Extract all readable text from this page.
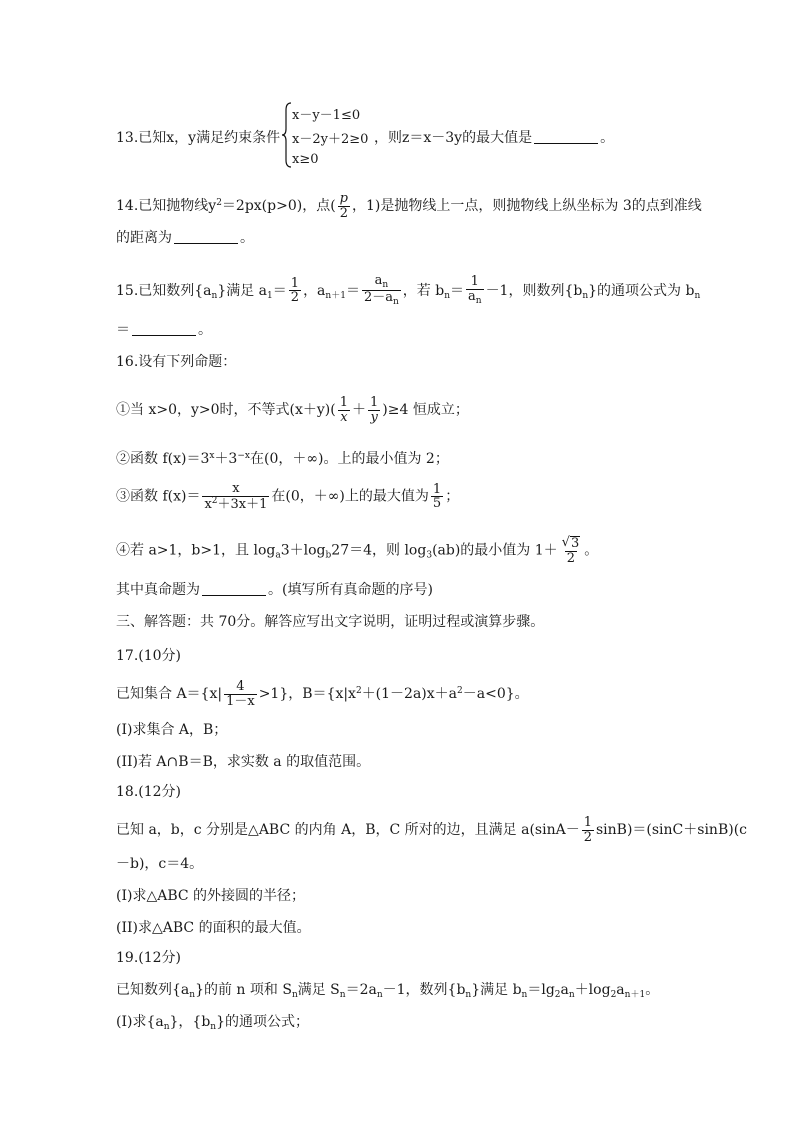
13.已知x，y满足约束条件
x－y－1≤0
x－2y＋2≥0
x≥0
，则z＝x－3y的最大值是	。
14.已知抛物线$y^2=2px(p>0)$，点( $\frac{p}{2}$ ，1)是抛物线上一点，则抛物线上纵坐标为 3的点到准线
的距离为	。
15.已知数列$\{a_n\}$满足 $a_1= \frac{1}{2}$ ，$a_{n+1}= \frac{a_n}{2-a_n}$ ，若 $b_n= \frac{1}{a_n} -1$，则数列$\{b_n\}$的通项公式为 $b_n$
＝	。
16.设有下列命题：
①当 x>0，y>0时，不等式$(x+y)( \frac{1}{x} + \frac{1}{y} )\ge 4$ 恒成立；
②函数 $f(x)=3^x+3^{-x}$在(0，＋∞)。上的最小值为 2；
③函数 $f(x)= \frac{x}{x^2+3x+1}$ 在(0，＋∞)上的最大值为 $\frac{1}{5}$ ；
④若 a>1，b>1，且 $\log_a3+\log_b27=4$，则 $\log_3(ab)$的最小值为 $1+ \frac{√ 3}{2}$ 。
其中真命题为	。(填写所有真命题的序号)
三、解答题：共 70分。解答应写出文字说明，证明过程或演算步骤。
17.(10分)
已知集合 $A=\{x| \frac{4}{1-x} >1\}$，$B=\{x|x^2+(1-2a)x+a^2-a<0\}$。
(I)求集合 A，B；
(II)若 A∩B＝B，求实数 a 的取值范围。
18.(12分)
已知 a，b，c 分别是△ABC 的内角 A，B，C 所对的边，且满足 $a(\sin A- \frac{1}{2} \sin B)=(\sin C+\sin B)(c$
－b)，c＝4。
(I)求△ABC 的外接圆的半径；
(II)求△ABC 的面积的最大值。
19.(12分)
已知数列$\{a_n\}$的前 n 项和 $S_n$满足 $S_n=2a_n-1$，数列$\{b_n\}$满足 $b_n=\lg_2a_n+\log_2a_{n+1}$。
(I)求$\{a_n\}$，$\{b_n\}$的通项公式；
